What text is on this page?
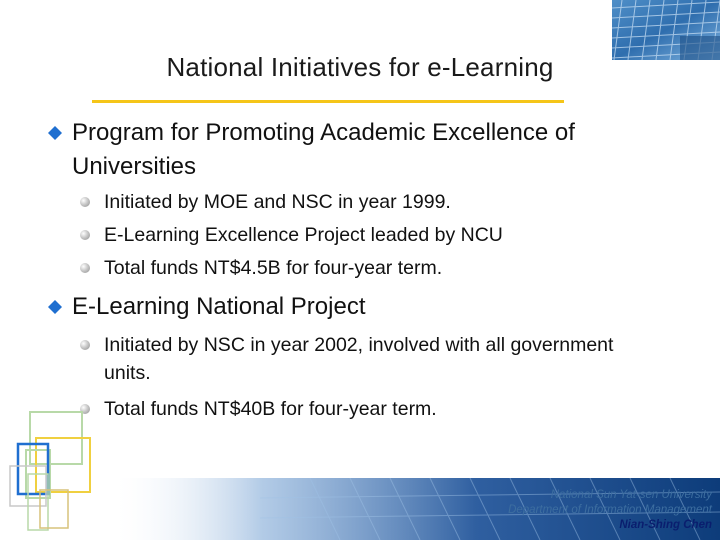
National Initiatives for e-Learning
Program for Promoting Academic Excellence of Universities
Initiated by MOE and NSC in year 1999.
E-Learning Excellence Project leaded by NCU
Total funds NT$4.5B for four-year term.
E-Learning National Project
Initiated by NSC in year 2002, involved with all government units.
Total funds NT$40B for four-year term.
National Sun Yat-sen University
Department of Information Management
Nian-Shing Chen
